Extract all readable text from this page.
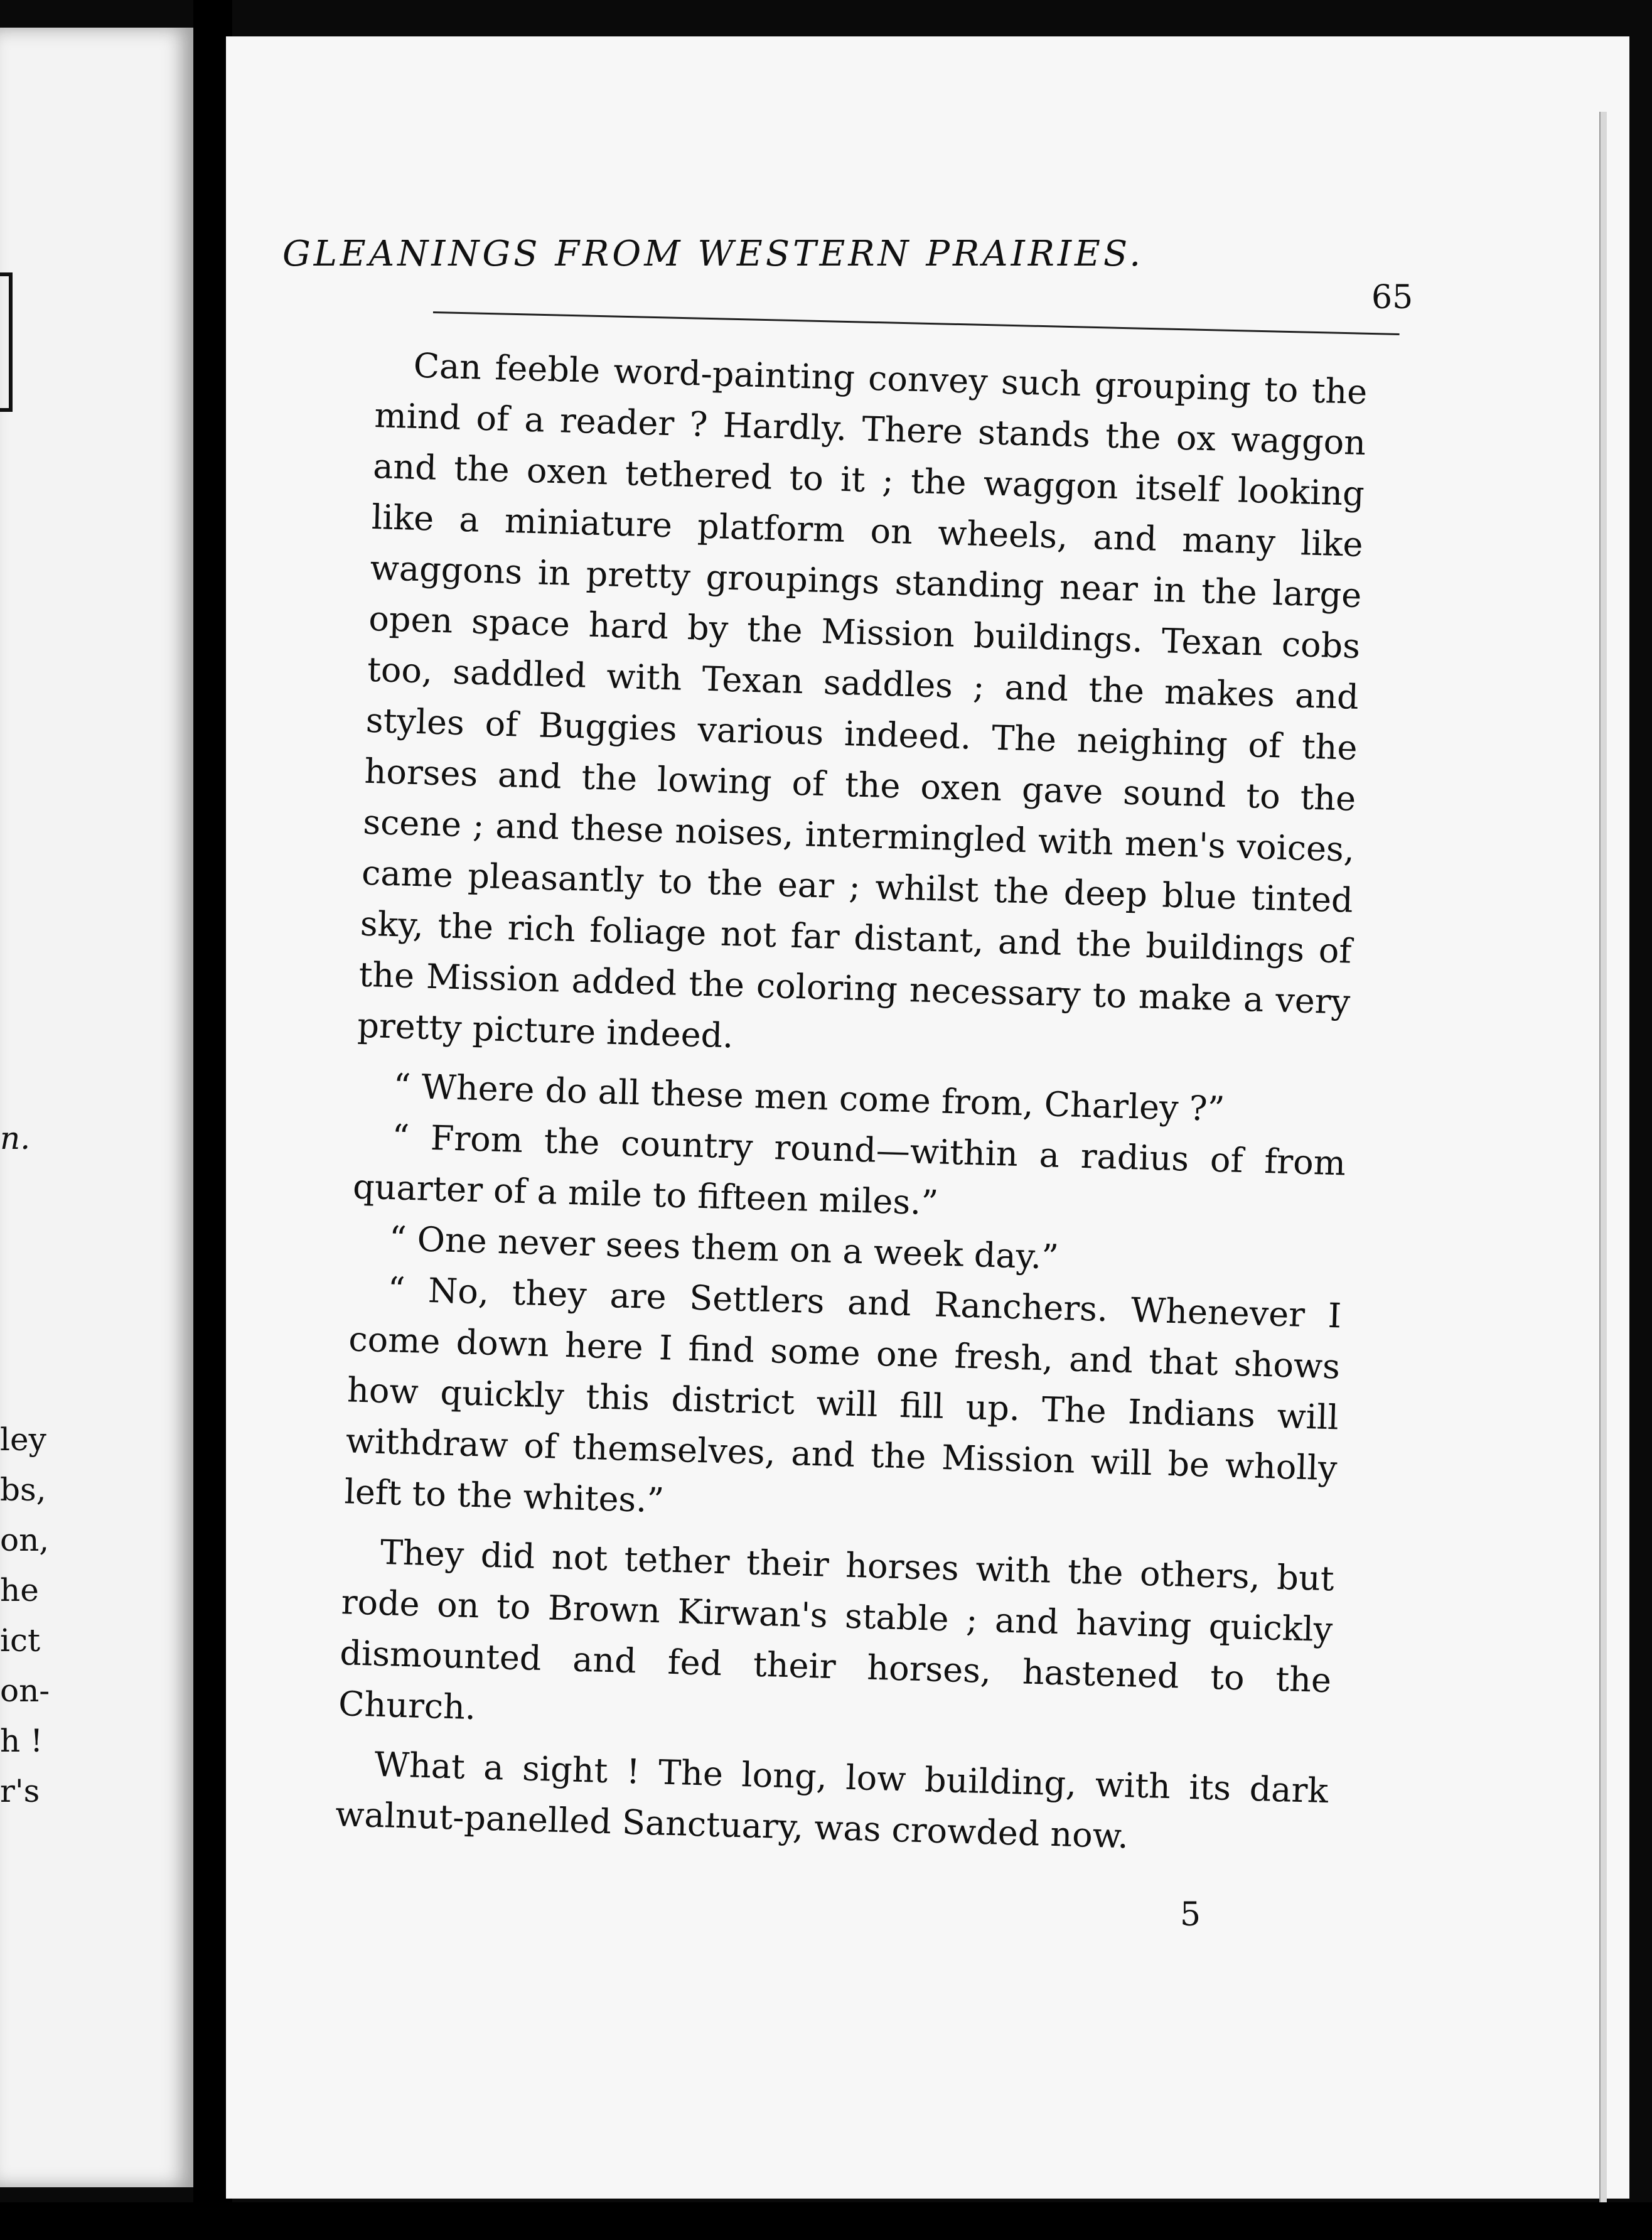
n.
ley
bs,
on,
he
ict
on-
h !
r's
GLEANINGS FROM WESTERN PRAIRIES.
65

Can feeble word-painting convey such grouping to the mind of a reader ? Hardly. There stands the ox waggon and the oxen tethered to it ; the waggon itself looking like a miniature platform on wheels, and many like waggons in pretty groupings standing near in the large open space hard by the Mission buildings. Texan cobs too, saddled with Texan saddles ; and the makes and styles of Buggies various indeed. The neighing of the horses and the lowing of the oxen gave sound to the scene ; and these noises, intermingled with men's voices, came pleasantly to the ear ; whilst the deep blue tinted sky, the rich foliage not far distant, and the buildings of the Mission added the coloring necessary to make a very pretty picture indeed.

“ Where do all these men come from, Charley ?”

“ From the country round—within a radius of from quarter of a mile to fifteen miles.”

“ One never sees them on a week day.”

“ No, they are Settlers and Ranchers. Whenever I come down here I find some one fresh, and that shows how quickly this district will fill up. The Indians will withdraw of themselves, and the Mission will be wholly left to the whites.”

They did not tether their horses with the others, but rode on to Brown Kirwan's stable ; and having quickly dismounted and fed their horses, hastened to the Church.

What a sight ! The long, low building, with its dark walnut-panelled Sanctuary, was crowded now.

5
